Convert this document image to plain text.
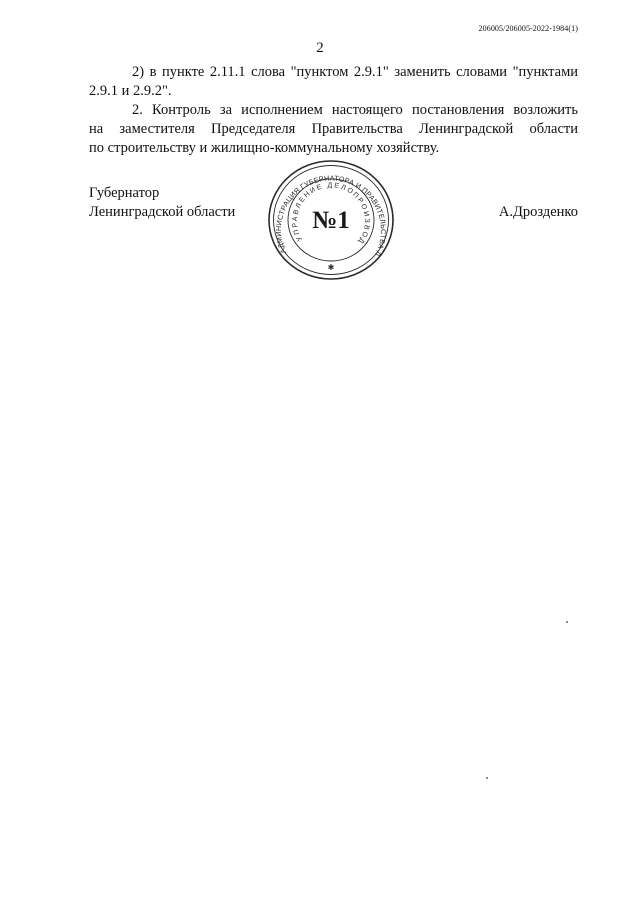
206005/206005-2022-1984(1)
2
2) в пункте 2.11.1 слова "пунктом 2.9.1" заменить словами "пунктами
2.9.1 и 2.9.2".
2. Контроль за исполнением настоящего постановления возложить
на заместителя Председателя Правительства Ленинградской области
по строительству и жилищно-коммунальному хозяйству.
Губернатор
Ленинградской области
АДМИНИСТРАЦИЯ ГУБЕРНАТОРА И ПРАВИТЕЛЬСТВА Л
УПРАВЛЕНИЕ ДЕЛОПРОИЗВОД
№1
✱
А.Дрозденко
